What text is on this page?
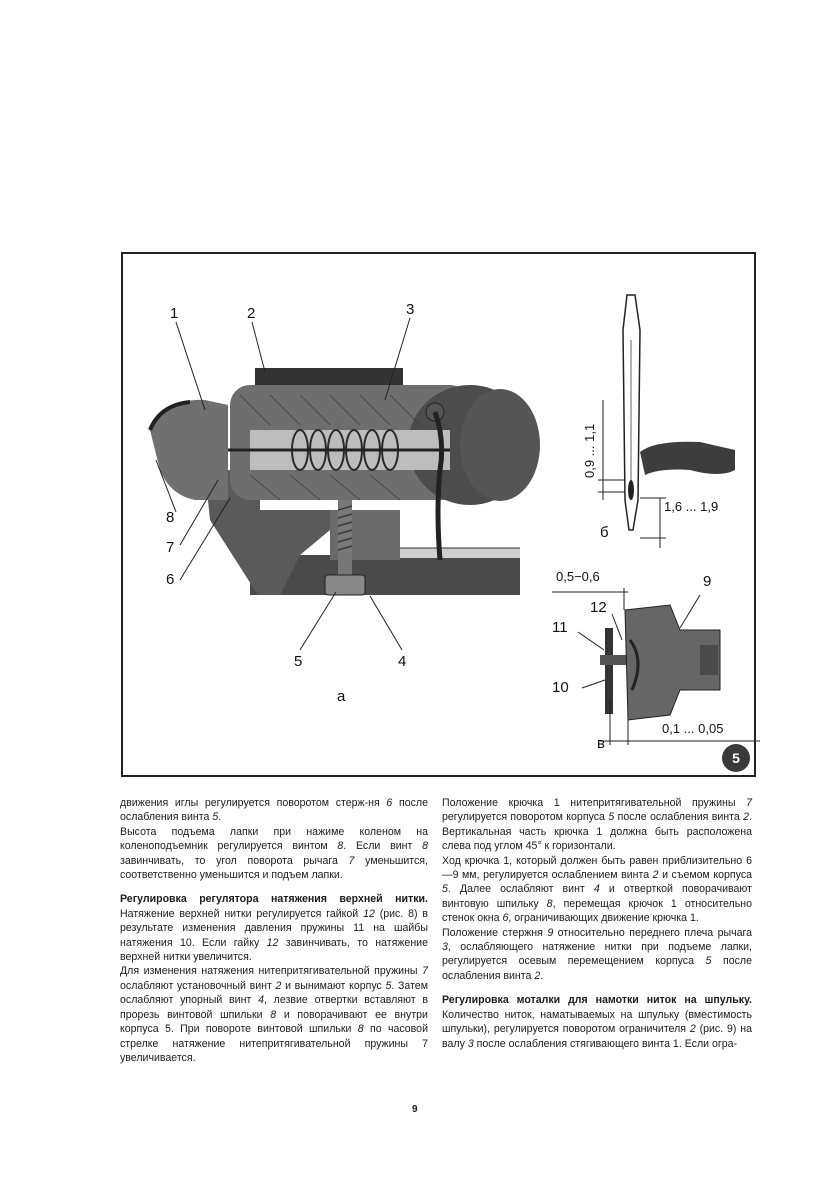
1	2	3
8
7
6
5	4
а
0,9 ... 1,1
1,6 ... 1,9
б
0,5−0,6	9
12
11
10
0,1 ... 0,05
в
5

движения иглы регулируется поворотом стерж-ня 6 после ослабления винта 5.

Высота подъема лапки при нажиме коленом на коленоподъемник регулируется винтом 8. Если винт 8 завинчивать, то угол поворота рычага 7 уменьшится, соответственно уменьшится и подъем лапки.

Регулировка регулятора натяжения верхней нитки. Натяжение верхней нитки регулируется гайкой 12 (рис. 8) в результате изменения давления пружины 11 на шайбы натяжения 10. Если гайку 12 завинчивать, то натяжение верхней нитки увеличится.

Для изменения натяжения нитепритягивательной пружины 7 ослабляют установочный винт 2 и вынимают корпус 5. Затем ослабляют упорный винт 4, лезвие отвертки вставляют в прорезь винтовой шпильки 8 и поворачивают ее внутри корпуса 5. При повороте винтовой шпильки 8 по часовой стрелке натяжение нитепритягивательной пружины 7 увеличивается.

Положение крючка 1 нитепритягивательной пружины 7 регулируется поворотом корпуса 5 после ослабления винта 2. Вертикальная часть крючка 1 должна быть расположена слева под углом 45° к горизонтали.

Ход крючка 1, который должен быть равен приблизительно 6—9 мм, регулируется ослаблением винта 2 и съемом корпуса 5. Далее ослабляют винт 4 и отверткой поворачивают винтовую шпильку 8, перемещая крючок 1 относительно стенок окна 6, ограничивающих движение крючка 1.

Положение стержня 9 относительно переднего плеча рычага 3, ослабляющего натяжение нитки при подъеме лапки, регулируется осевым перемещением корпуса 5 после ослабления винта 2.

Регулировка моталки для намотки ниток на шпульку. Количество ниток, наматываемых на шпульку (вместимость шпульки), регулируется поворотом ограничителя 2 (рис. 9) на валу 3 после ослабления стягивающего винта 1. Если огра-

9
